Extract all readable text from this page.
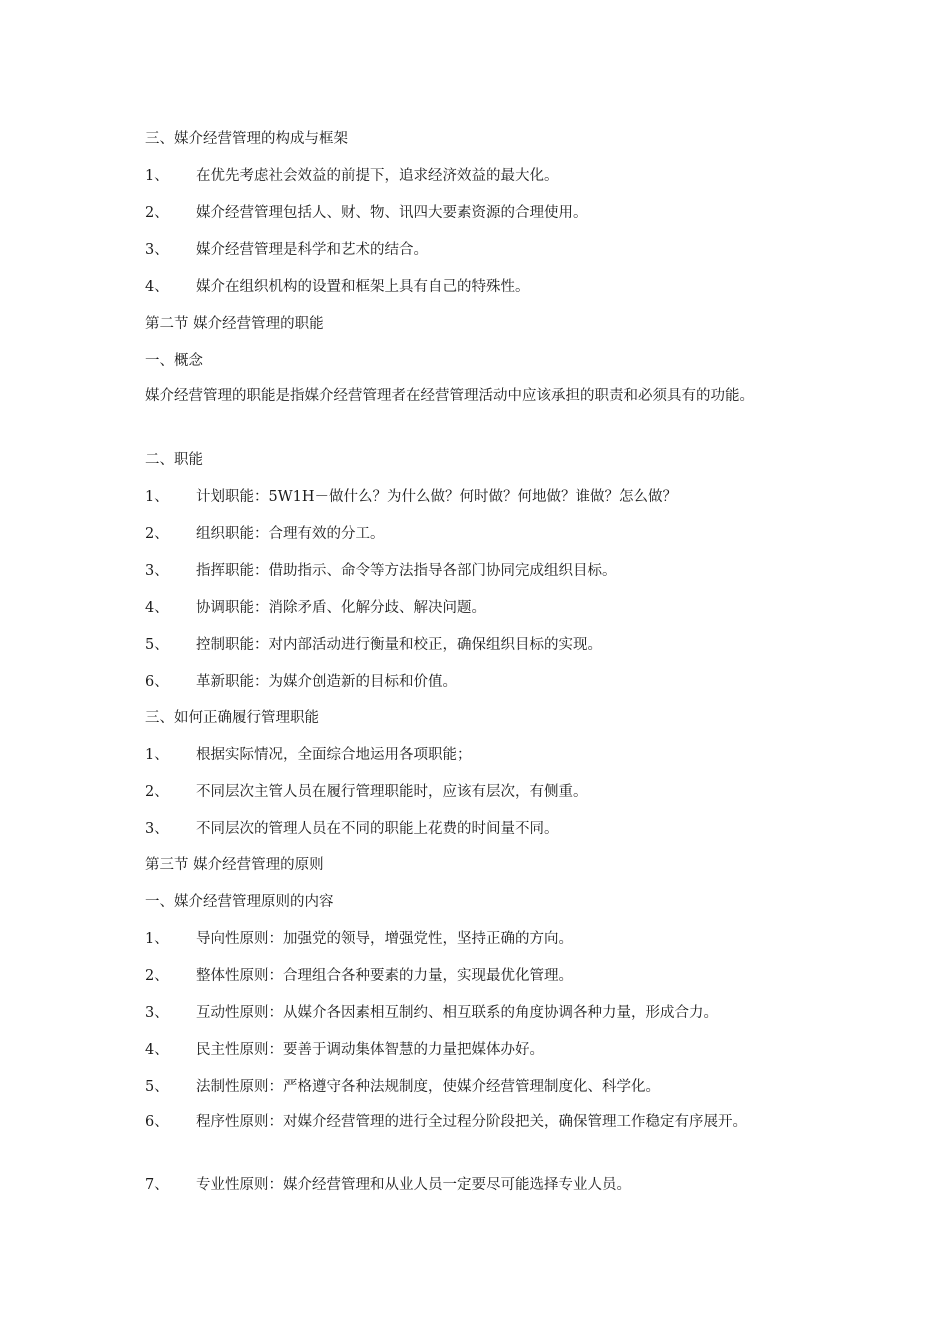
三、媒介经营管理的构成与框架
1、 在优先考虑社会效益的前提下，追求经济效益的最大化。
2、 媒介经营管理包括人、财、物、讯四大要素资源的合理使用。
3、 媒介经营管理是科学和艺术的结合。
4、 媒介在组织机构的设置和框架上具有自己的特殊性。
第二节 媒介经营管理的职能
一、概念
媒介经营管理的职能是指媒介经营管理者在经营管理活动中应该承担的职责和必须具有的功能。
二、职能
1、 计划职能：5W1H－做什么？为什么做？何时做？何地做？谁做？怎么做？
2、 组织职能：合理有效的分工。
3、 指挥职能：借助指示、命令等方法指导各部门协同完成组织目标。
4、 协调职能：消除矛盾、化解分歧、解决问题。
5、 控制职能：对内部活动进行衡量和校正，确保组织目标的实现。
6、 革新职能：为媒介创造新的目标和价值。
三、如何正确履行管理职能
1、 根据实际情况，全面综合地运用各项职能；
2、 不同层次主管人员在履行管理职能时，应该有层次，有侧重。
3、 不同层次的管理人员在不同的职能上花费的时间量不同。
第三节 媒介经营管理的原则
一、媒介经营管理原则的内容
1、 导向性原则：加强党的领导，增强党性，坚持正确的方向。
2、 整体性原则：合理组合各种要素的力量，实现最优化管理。
3、 互动性原则：从媒介各因素相互制约、相互联系的角度协调各种力量，形成合力。
4、 民主性原则：要善于调动集体智慧的力量把媒体办好。
5、 法制性原则：严格遵守各种法规制度，使媒介经营管理制度化、科学化。
6、 程序性原则：对媒介经营管理的进行全过程分阶段把关，确保管理工作稳定有序展开。
7、 专业性原则：媒介经营管理和从业人员一定要尽可能选择专业人员。
